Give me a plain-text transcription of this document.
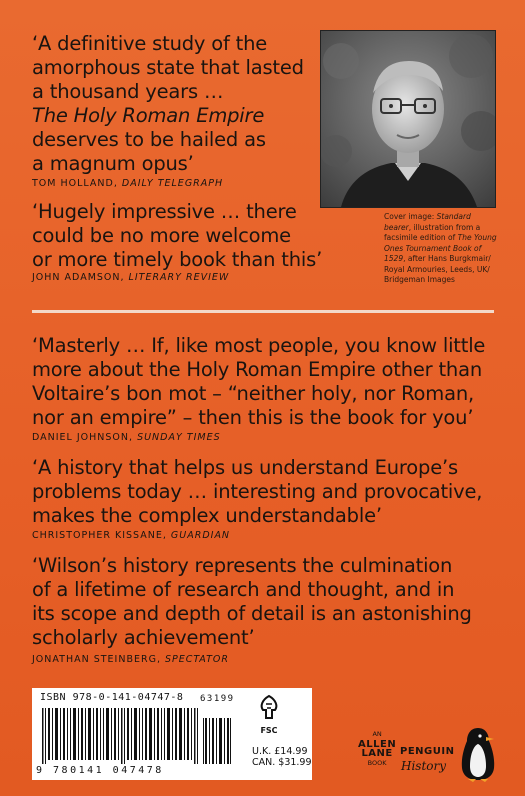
‘A definitive study of the
amorphous state that lasted
a thousand years …
The Holy Roman Empire
deserves to be hailed as
a magnum opus’
TOM HOLLAND, DAILY TELEGRAPH
‘Hugely impressive … there
could be no more welcome
or more timely book than this’
JOHN ADAMSON, LITERARY REVIEW
Cover image: Standard
bearer, illustration from a
facsimile edition of The Young
Ones Tournament Book of
1529, after Hans Burgkmair/
Royal Armouries, Leeds, UK/
Bridgeman Images
‘Masterly … If, like most people, you know little
more about the Holy Roman Empire other than
Voltaire’s bon mot – “neither holy, nor Roman,
nor an empire” – then this is the book for you’
DANIEL JOHNSON, SUNDAY TIMES
‘A history that helps us understand Europe’s
problems today … interesting and provocative,
makes the complex understandable’
CHRISTOPHER KISSANE, GUARDIAN
‘Wilson’s history represents the culmination
of a lifetime of research and thought, and in
its scope and depth of detail is an astonishing
scholarly achievement’
JONATHAN STEINBERG, SPECTATOR
ISBN 978-0-141-04747-8 63199
9 780141 047478
FSC
U.K. £14.99
CAN. $31.99
AN
ALLEN
LANE
BOOK
PENGUIN
History
